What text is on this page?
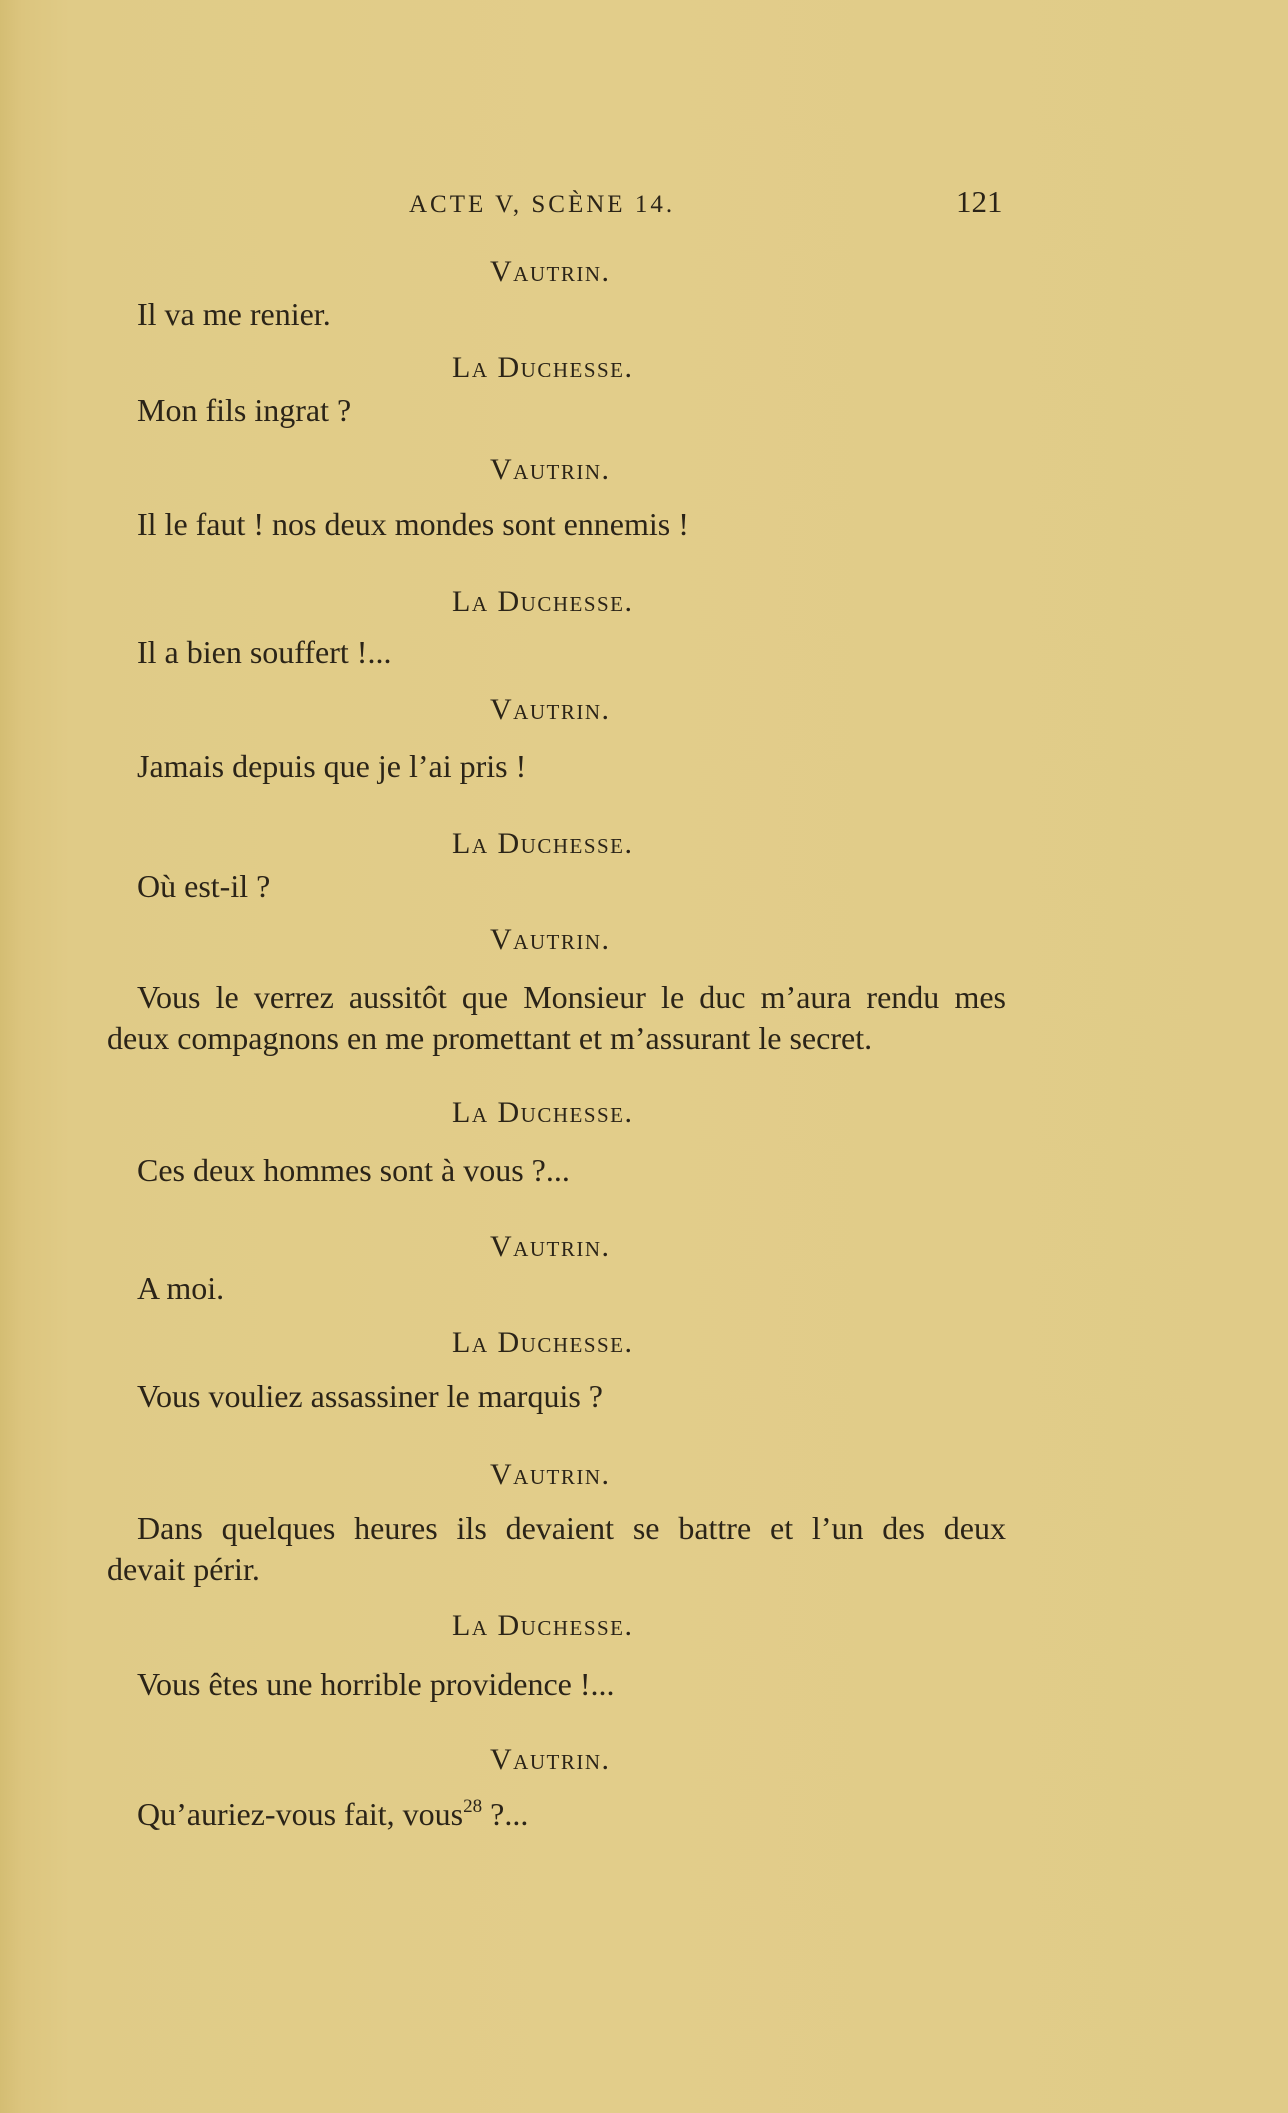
ACTE V, SCÈNE 14.	121
Vautrin.
Il va me renier.
La Duchesse.
Mon fils ingrat ?
Vautrin.
Il le faut ! nos deux mondes sont ennemis !
La Duchesse.
Il a bien souffert !...
Vautrin.
Jamais depuis que je l’ai pris !
La Duchesse.
Où est-il ?
Vautrin.
Vous le verrez aussitôt que Monsieur le duc m’aura rendu mes
deux compagnons en me promettant et m’assurant le secret.
La Duchesse.
Ces deux hommes sont à vous ?...
Vautrin.
A moi.
La Duchesse.
Vous vouliez assassiner le marquis ?
Vautrin.
Dans quelques heures ils devaient se battre et l’un des deux
devait périr.
La Duchesse.
Vous êtes une horrible providence !...
Vautrin.
Qu’auriez-vous fait, vous$^{28}$ ?...
